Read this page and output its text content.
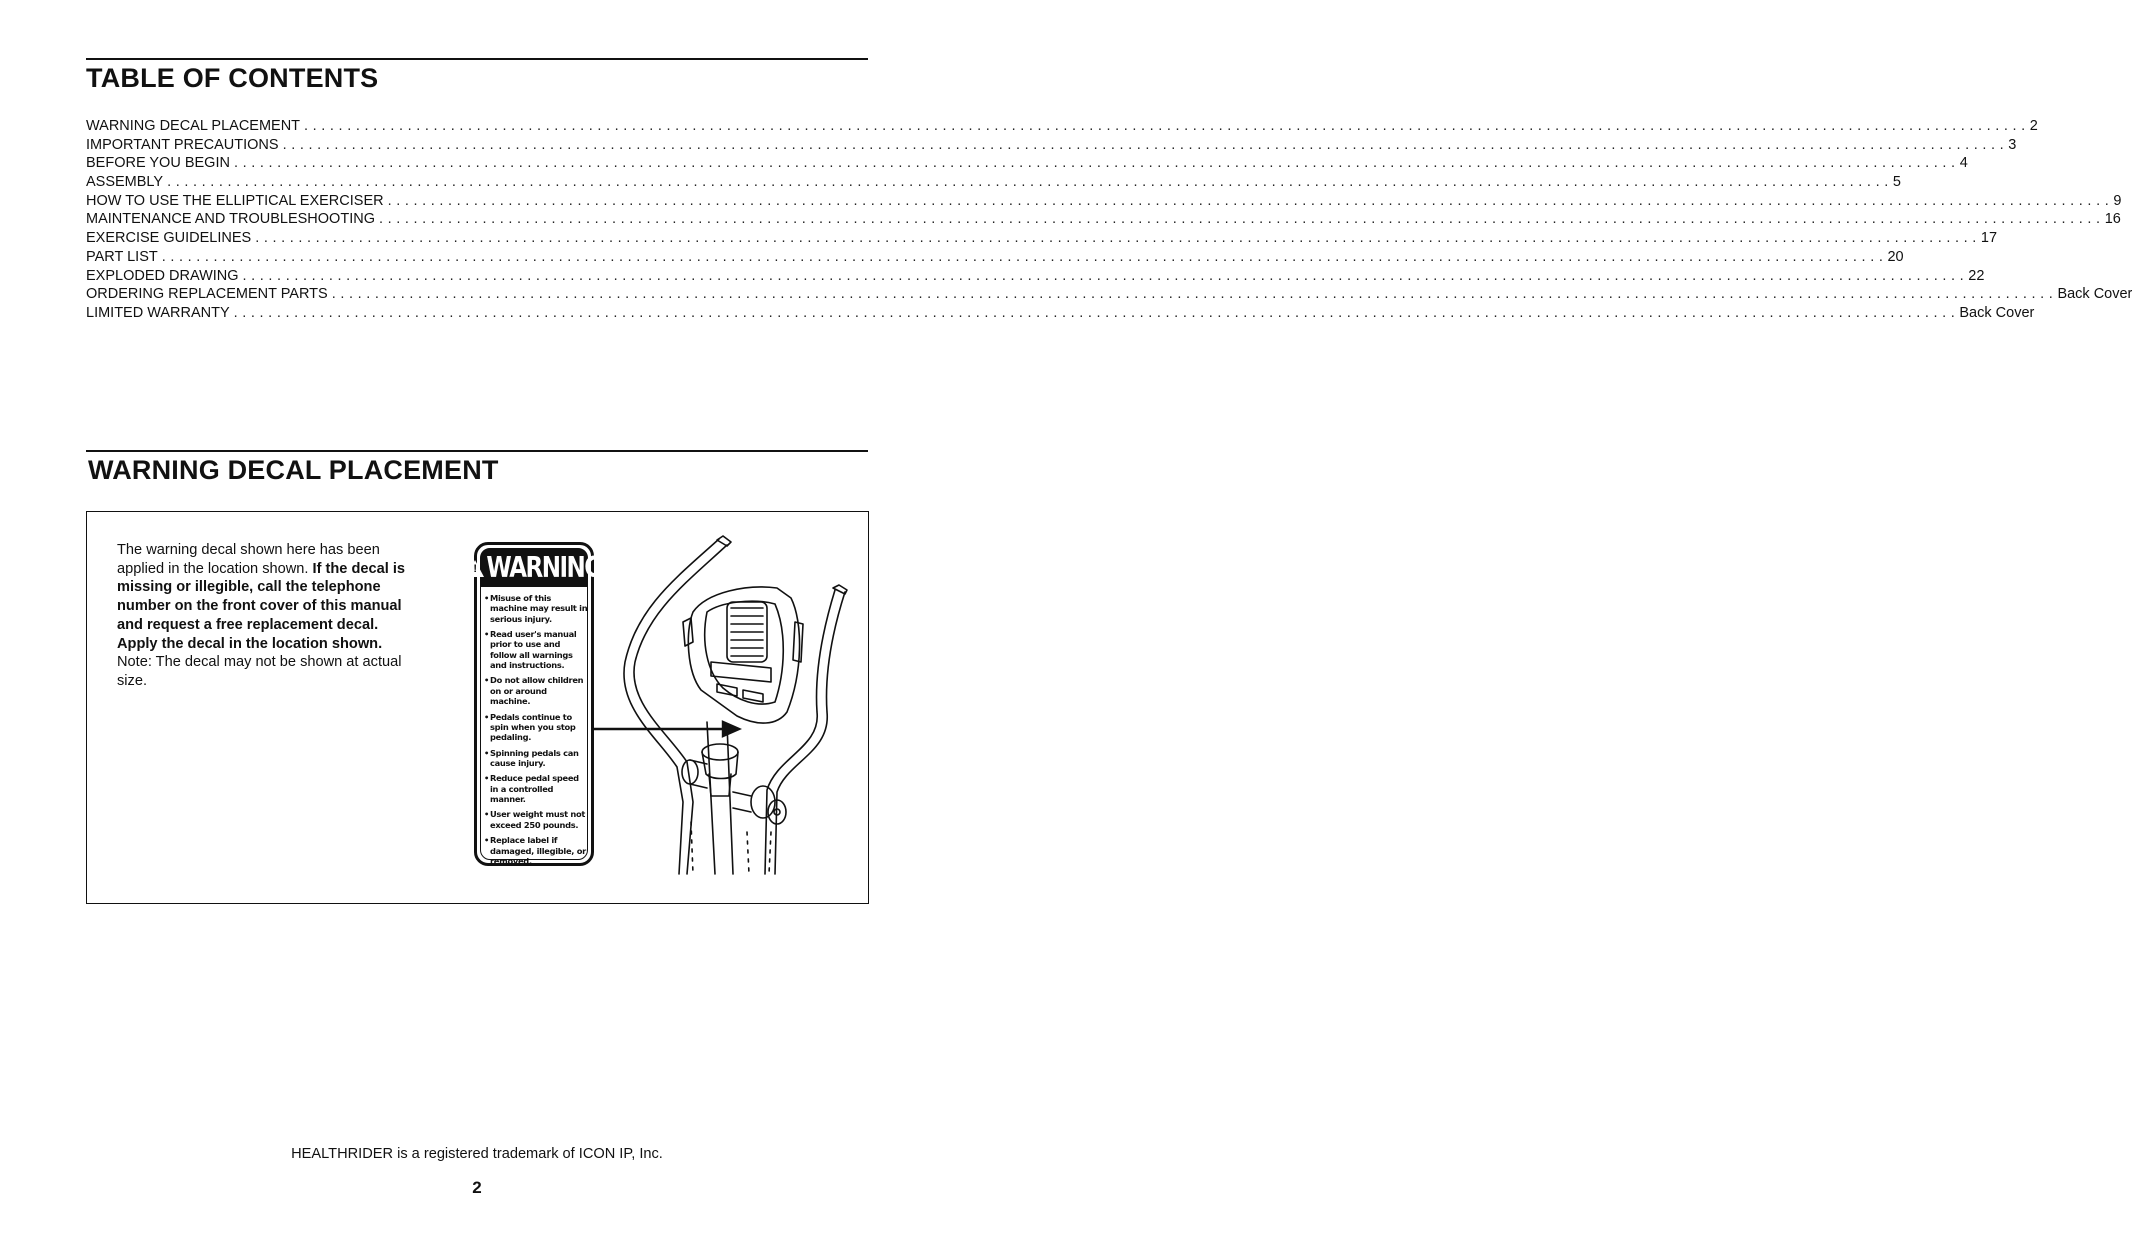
TABLE OF CONTENTS
WARNING DECAL PLACEMENT ........................................................................................................................................................................................................ 2
IMPORTANT PRECAUTIONS ........................................................................................................................................................................................................ 3
BEFORE YOU BEGIN ........................................................................................................................................................................................................ 4
ASSEMBLY ........................................................................................................................................................................................................ 5
HOW TO USE THE ELLIPTICAL EXERCISER ........................................................................................................................................................................................................ 9
MAINTENANCE AND TROUBLESHOOTING ........................................................................................................................................................................................................ 16
EXERCISE GUIDELINES ........................................................................................................................................................................................................ 17
PART LIST ........................................................................................................................................................................................................ 20
EXPLODED DRAWING ........................................................................................................................................................................................................ 22
ORDERING REPLACEMENT PARTS ........................................................................................................................................................................................................ Back Cover
LIMITED WARRANTY ........................................................................................................................................................................................................ Back Cover
WARNING DECAL PLACEMENT

The warning decal shown here has been applied in the location shown. If the decal is missing or illegible, call the telephone number on the front cover of this manual and request a free replacement decal. Apply the decal in the location shown. Note: The decal may not be shown at actual size.

! WARNING
• Misuse of this machine may result in serious injury.
• Read user's manual prior to use and follow all warnings and instructions.
• Do not allow children on or around machine.
• Pedals continue to spin when you stop pedaling.
• Spinning pedals can cause injury.
• Reduce pedal speed in a controlled manner.
• User weight must not exceed 250 pounds.
• Replace label if damaged, illegible, or removed.

HEALTHRIDER is a registered trademark of ICON IP, Inc.

2
